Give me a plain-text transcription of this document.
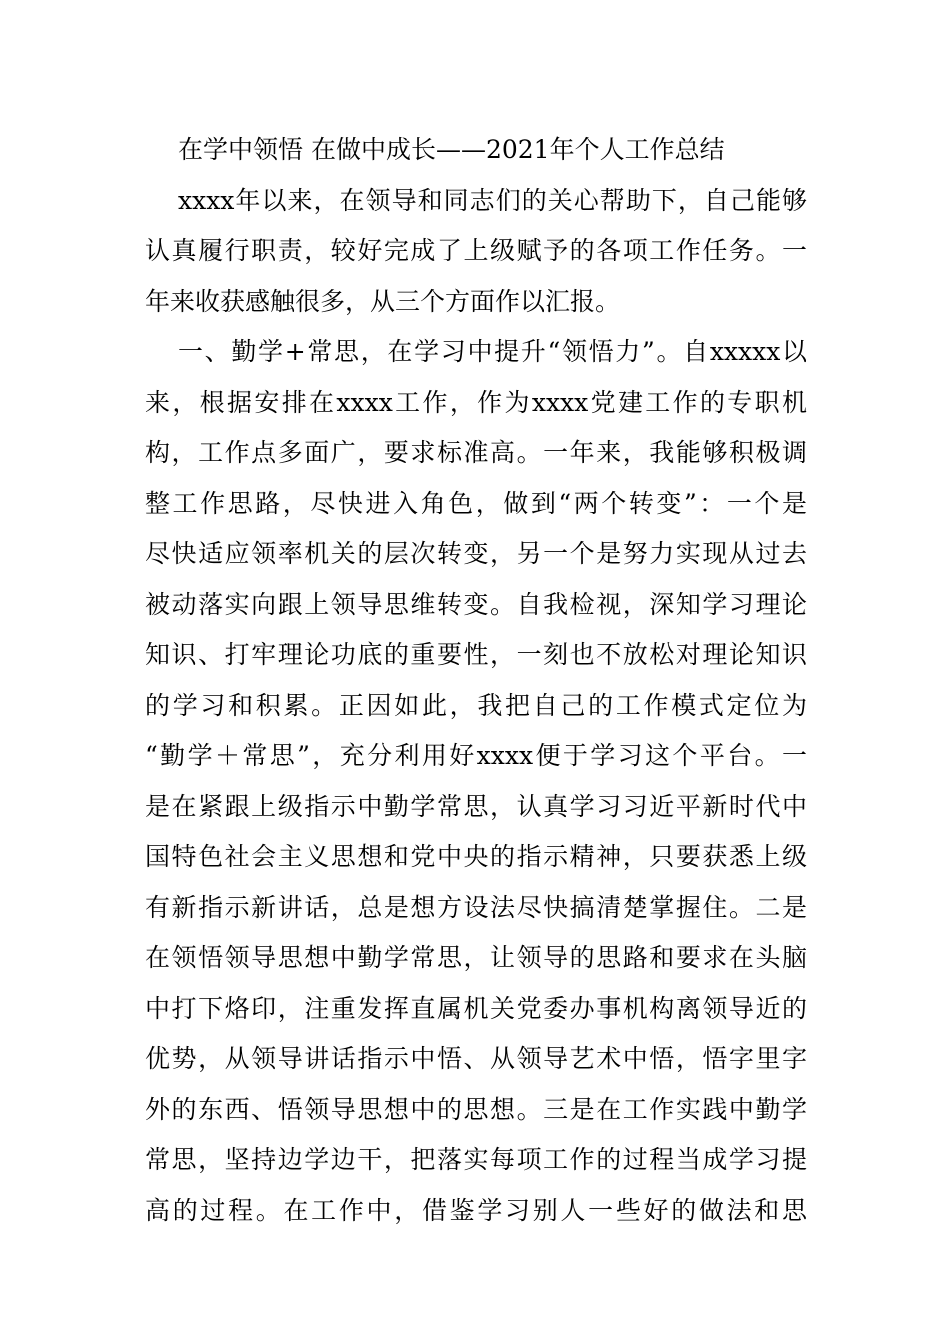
在学中领悟 在做中成长——2021年个人工作总结
xxxx年以来，在领导和同志们的关心帮助下，自己能够
认真履行职责，较好完成了上级赋予的各项工作任务。一
年来收获感触很多，从三个方面作以汇报。
一、勤学+常思，在学习中提升“领悟力”。自xxxxx以
来，根据安排在xxxx工作，作为xxxx党建工作的专职机
构，工作点多面广，要求标准高。一年来，我能够积极调
整工作思路，尽快进入角色，做到“两个转变”：一个是
尽快适应领率机关的层次转变，另一个是努力实现从过去
被动落实向跟上领导思维转变。自我检视，深知学习理论
知识、打牢理论功底的重要性，一刻也不放松对理论知识
的学习和积累。正因如此，我把自己的工作模式定位为
“勤学＋常思”，充分利用好xxxx便于学习这个平台。一
是在紧跟上级指示中勤学常思，认真学习习近平新时代中
国特色社会主义思想和党中央的指示精神，只要获悉上级
有新指示新讲话，总是想方设法尽快搞清楚掌握住。二是
在领悟领导思想中勤学常思，让领导的思路和要求在头脑
中打下烙印，注重发挥直属机关党委办事机构离领导近的
优势，从领导讲话指示中悟、从领导艺术中悟，悟字里字
外的东西、悟领导思想中的思想。三是在工作实践中勤学
常思，坚持边学边干，把落实每项工作的过程当成学习提
高的过程。在工作中，借鉴学习别人一些好的做法和思
